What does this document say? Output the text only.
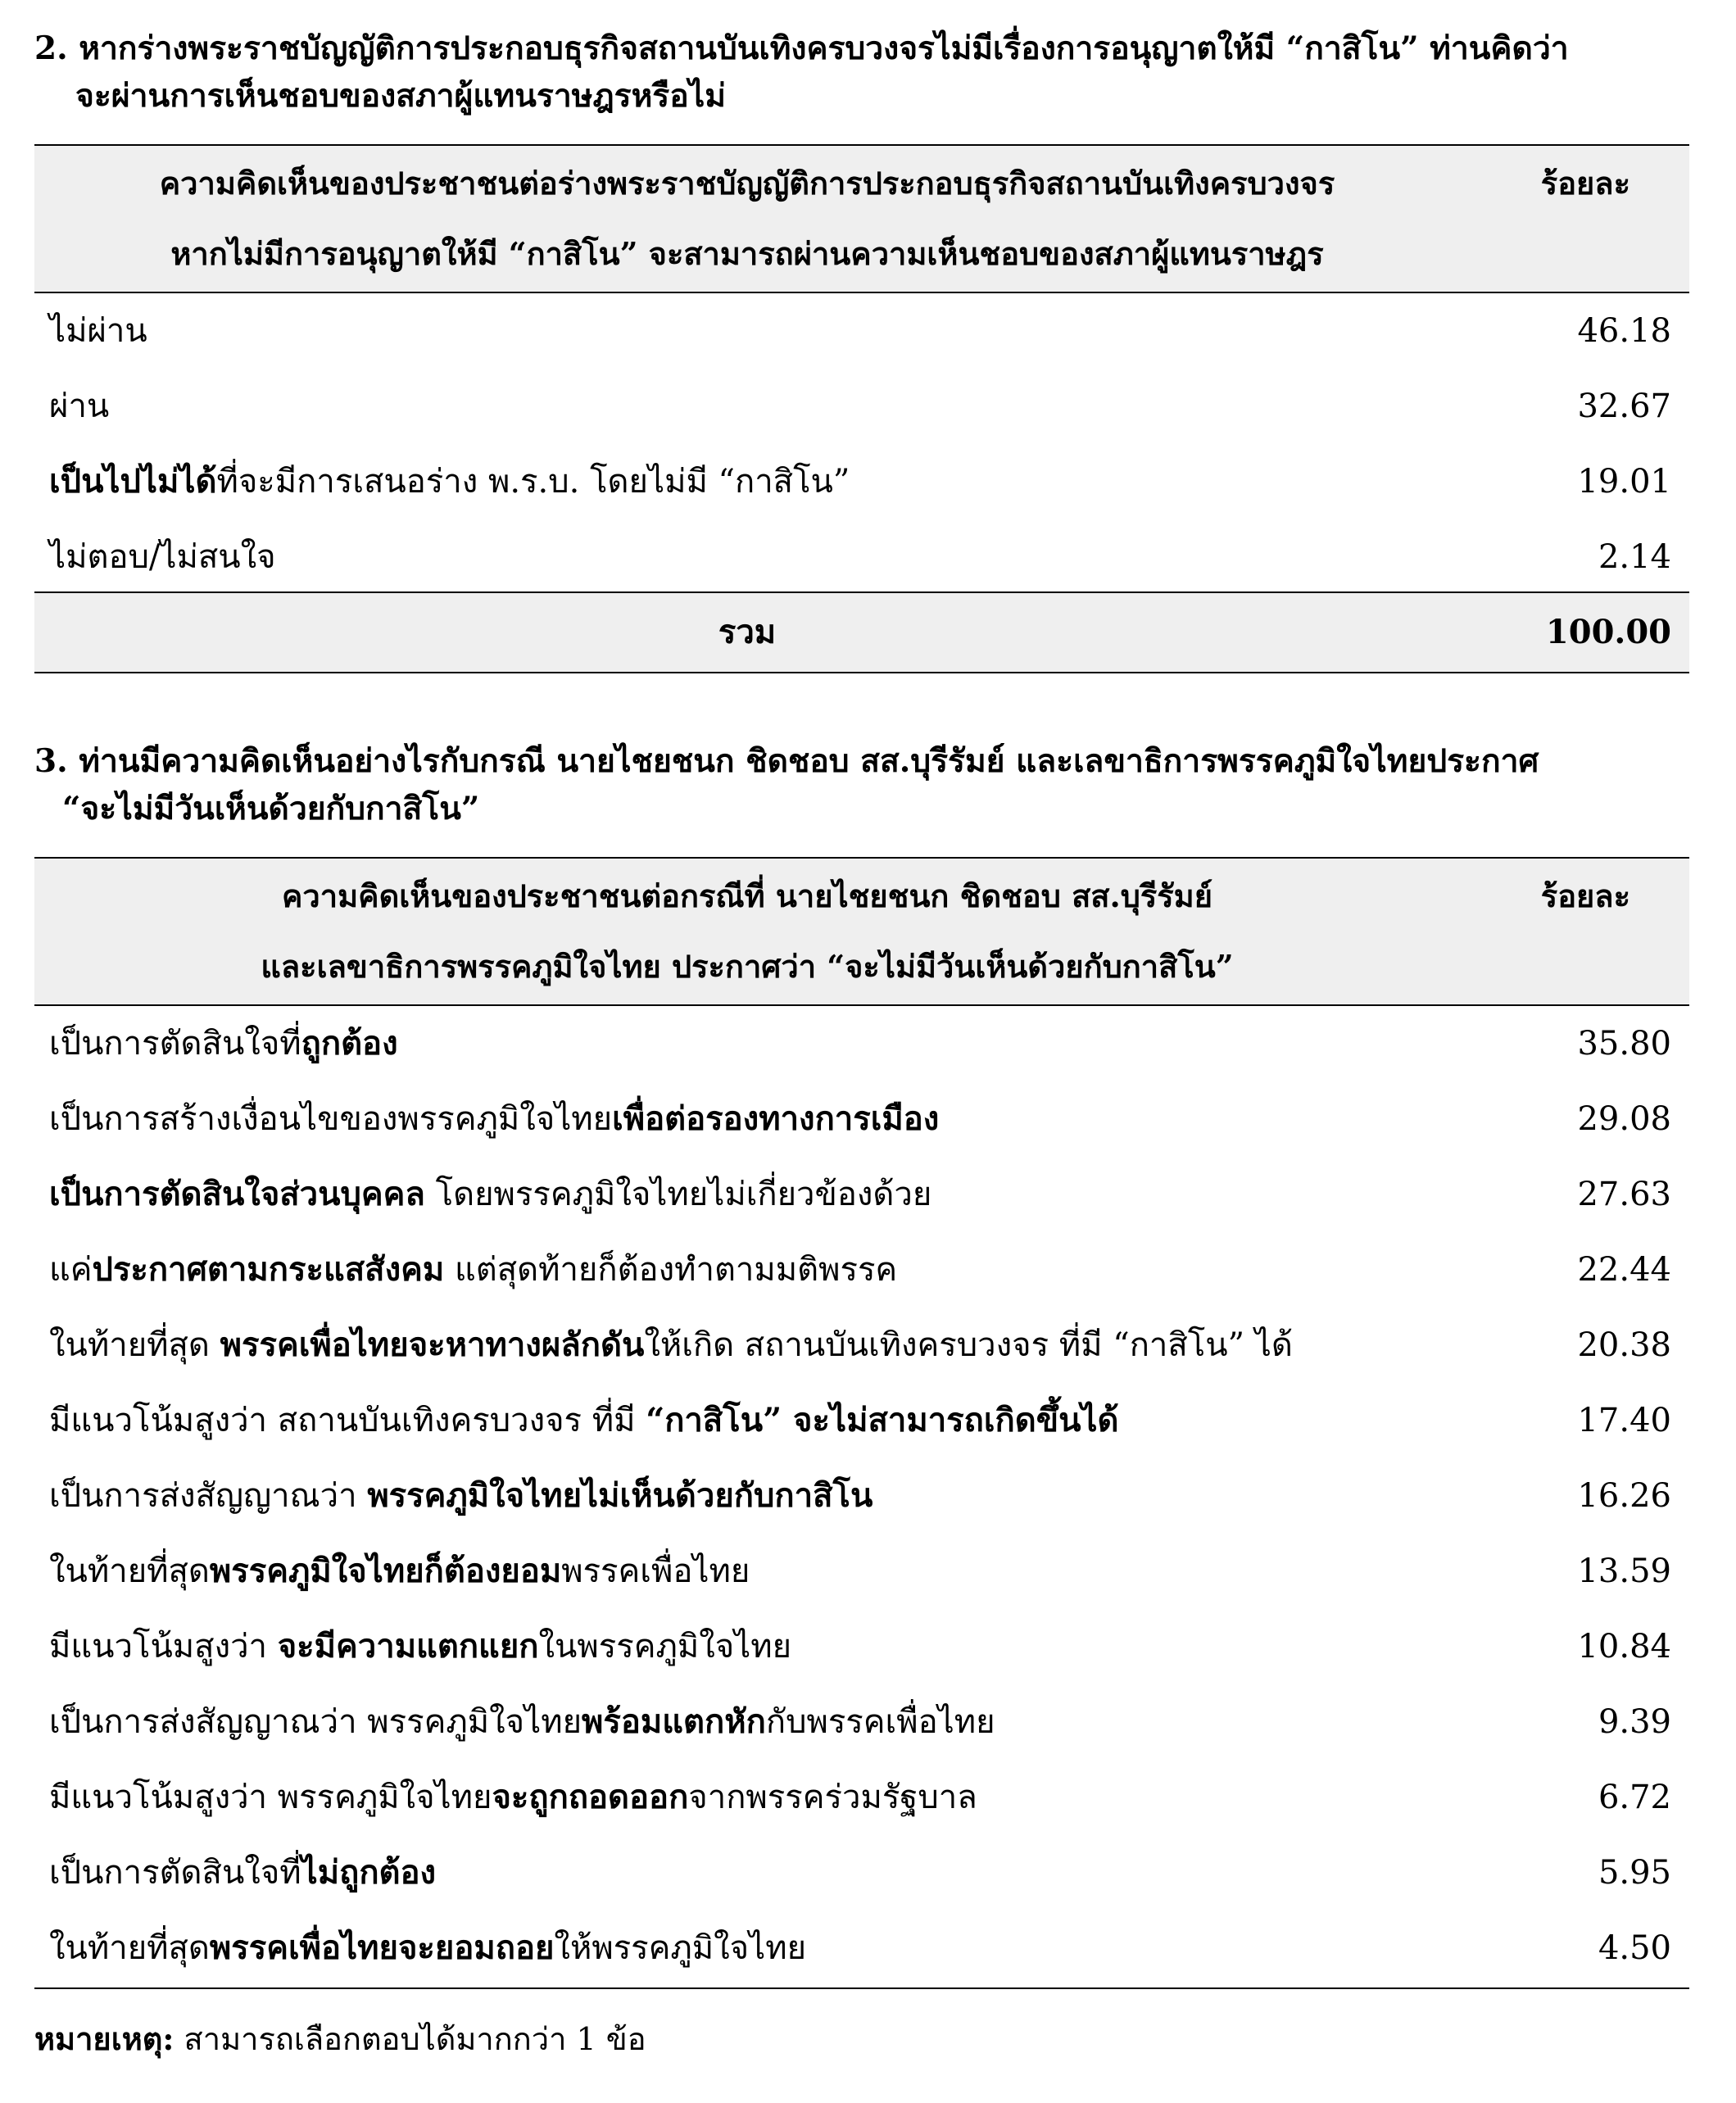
2. หากร่างพระราชบัญญัติการประกอบธุรกิจสถานบันเทิงครบวงจรไม่มีเรื่องการอนุญาตให้มี “กาสิโน” ท่านคิดว่า
จะผ่านการเห็นชอบของสภาผู้แทนราษฎรหรือไม่
ความคิดเห็นของประชาชนต่อร่างพระราชบัญญัติการประกอบธุรกิจสถานบันเทิงครบวงจร
หากไม่มีการอนุญาตให้มี “กาสิโน” จะสามารถผ่านความเห็นชอบของสภาผู้แทนราษฎร
ร้อยละ
ไม่ผ่าน	46.18
ผ่าน	32.67
เป็นไปไม่ได้ที่จะมีการเสนอร่าง พ.ร.บ. โดยไม่มี “กาสิโน”	19.01
ไม่ตอบ/ไม่สนใจ	2.14
รวม	100.00
3. ท่านมีความคิดเห็นอย่างไรกับกรณี นายไชยชนก ชิดชอบ สส.บุรีรัมย์ และเลขาธิการพรรคภูมิใจไทยประกาศ
“จะไม่มีวันเห็นด้วยกับกาสิโน”
ความคิดเห็นของประชาชนต่อกรณีที่ นายไชยชนก ชิดชอบ สส.บุรีรัมย์
และเลขาธิการพรรคภูมิใจไทย ประกาศว่า “จะไม่มีวันเห็นด้วยกับกาสิโน”
ร้อยละ
เป็นการตัดสินใจที่ถูกต้อง	35.80
เป็นการสร้างเงื่อนไขของพรรคภูมิใจไทยเพื่อต่อรองทางการเมือง	29.08
เป็นการตัดสินใจส่วนบุคคล โดยพรรคภูมิใจไทยไม่เกี่ยวข้องด้วย	27.63
แค่ประกาศตามกระแสสังคม แต่สุดท้ายก็ต้องทำตามมติพรรค	22.44
ในท้ายที่สุด พรรคเพื่อไทยจะหาทางผลักดันให้เกิด สถานบันเทิงครบวงจร ที่มี “กาสิโน” ได้	20.38
มีแนวโน้มสูงว่า สถานบันเทิงครบวงจร ที่มี “กาสิโน” จะไม่สามารถเกิดขึ้นได้	17.40
เป็นการส่งสัญญาณว่า พรรคภูมิใจไทยไม่เห็นด้วยกับกาสิโน	16.26
ในท้ายที่สุดพรรคภูมิใจไทยก็ต้องยอมพรรคเพื่อไทย	13.59
มีแนวโน้มสูงว่า จะมีความแตกแยกในพรรคภูมิใจไทย	10.84
เป็นการส่งสัญญาณว่า พรรคภูมิใจไทยพร้อมแตกหักกับพรรคเพื่อไทย	9.39
มีแนวโน้มสูงว่า พรรคภูมิใจไทยจะถูกถอดออกจากพรรคร่วมรัฐบาล	6.72
เป็นการตัดสินใจที่ไม่ถูกต้อง	5.95
ในท้ายที่สุดพรรคเพื่อไทยจะยอมถอยให้พรรคภูมิใจไทย	4.50
หมายเหตุ: สามารถเลือกตอบได้มากกว่า 1 ข้อ
